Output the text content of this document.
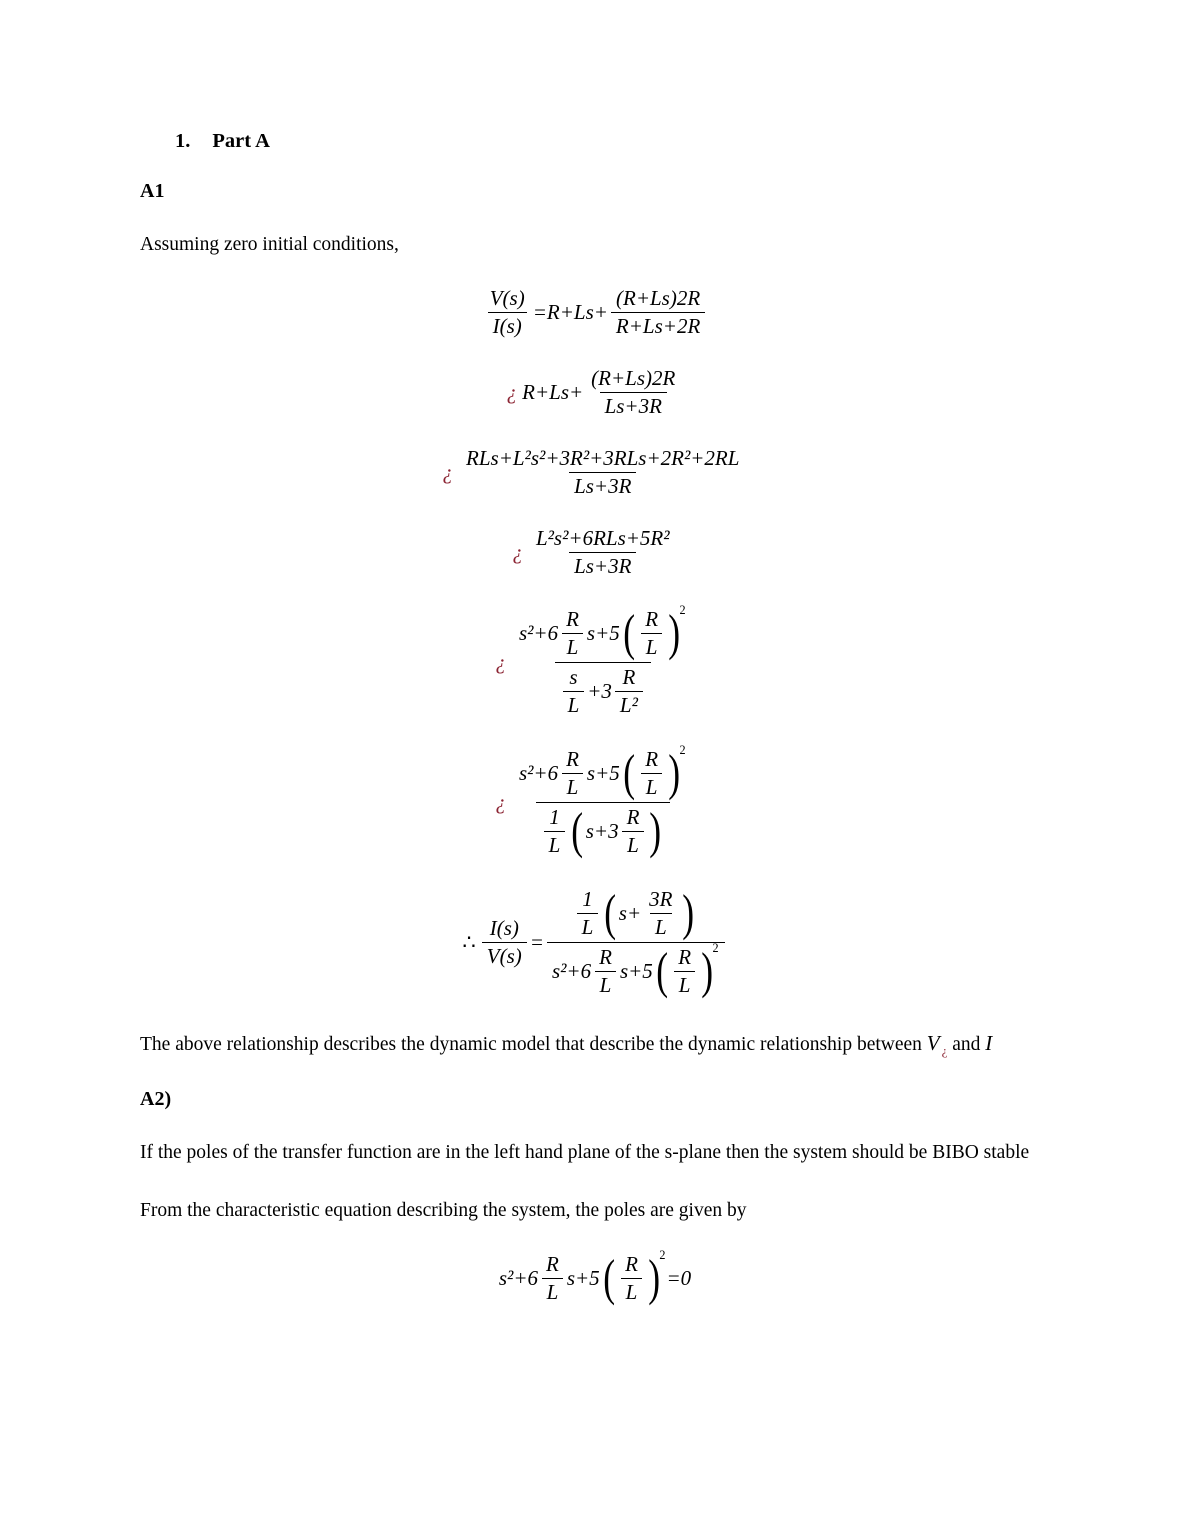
1. Part A
A1

Assuming zero initial conditions,

$\frac{V(s)}{I(s)} = R+Ls+ \frac{(R+Ls)2R}{R+Ls+2R}$
¿ $R+Ls+ \frac{(R+Ls)2R}{Ls+3R}$
¿ $\frac{\text{RLs+L²s²+3R²+3RLs+2R²+2RL}}{Ls+3R}$
¿ $\frac{\text{L²s²+6RLs+5R²}}{Ls+3R}$
¿ $\frac{s^2+6 \frac{R}{L} s+5 ( \frac{R}{L} ) 2}{\frac{s}{L} +3 \frac{R}{\text{L²}}}$
¿ $\frac{s^2+6 \frac{R}{L} s+5 ( \frac{R}{L} ) 2}{\frac{1}{L} ( s+3 \frac{R}{L} )}$
∴ $\frac{I(s)}{V(s)} = \frac{\frac{1}{L} ( s+ \frac{3R}{L} )}{s^2+6 \frac{R}{L} s+5 ( \frac{R}{L} ) 2}$

The above relationship describes the dynamic model that describe the dynamic relationship between V $_¿$ and I

A2)

If the poles of the transfer function are in the left hand plane of the s-plane then the system should be BIBO stable

From the characteristic equation describing the system, the poles are given by

$s^2+6 \frac{R}{L} s+5$ ( $\frac{R}{L}$ ) 2
=0
